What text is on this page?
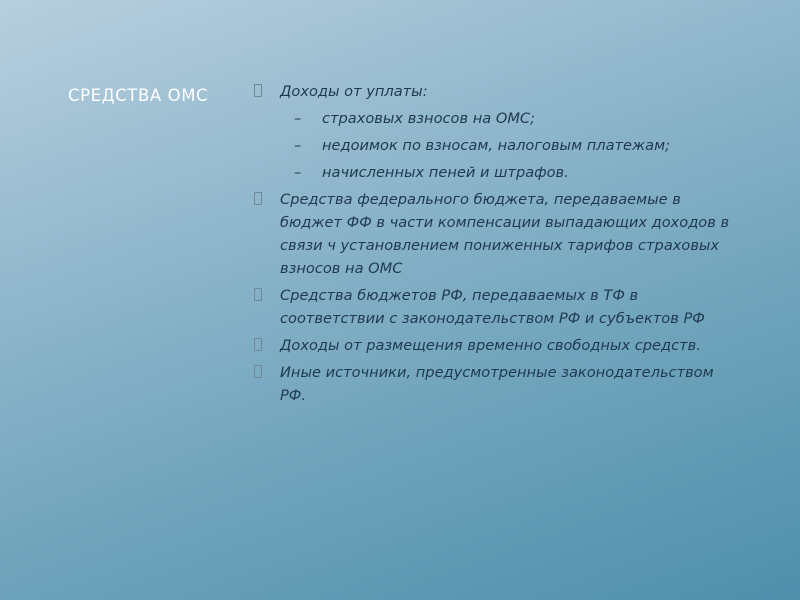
СРЕДСТВА ОМС	Доходы от уплаты:
– страховых взносов на ОМС;
– недоимок по взносам, налоговым платежам;
– начисленных пеней и штрафов.
Средства федерального бюджета, передаваемые в бюджет ФФ в части компенсации выпадающих доходов в связи ч установлением пониженных тарифов страховых взносов на ОМС
Средства бюджетов РФ, передаваемых в ТФ в соответствии с законодательством РФ и субъектов РФ
Доходы от размещения временно свободных средств.
Иные источники, предусмотренные законодательством РФ.
